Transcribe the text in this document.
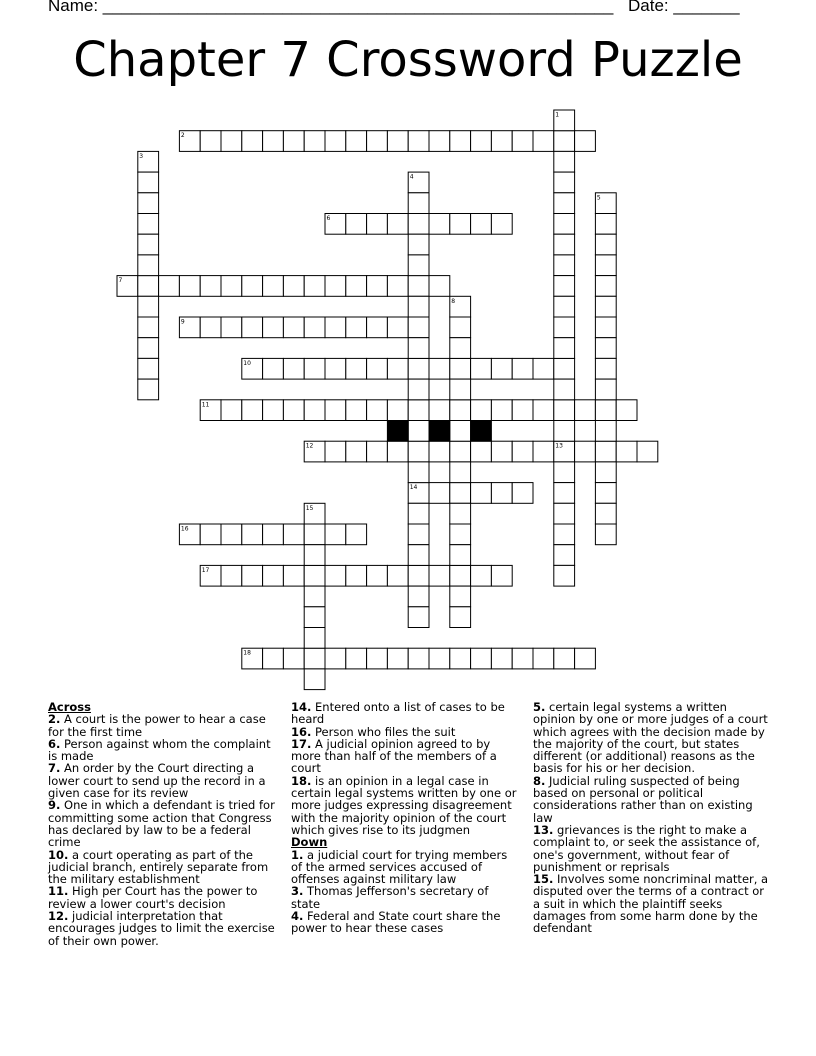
Name: ______________________________________________________ Date: _______
Chapter 7 Crossword Puzzle
1
2
3
4
5
6
7
8
9
10
11
12	13
14
15
16
17
18

Across

2. A court is the power to hear a case for the first time

6. Person against whom the complaint is made

7. An order by the Court directing a lower court to send up the record in a given case for its review

9. One in which a defendant is tried for committing some action that Congress has declared by law to be a federal crime

10. a court operating as part of the judicial branch, entirely separate from the military establishment

11. High per Court has the power to review a lower court's decision

12. judicial interpretation that encourages judges to limit the exercise of their own power.

14. Entered onto a list of cases to be heard

16. Person who files the suit

17. A judicial opinion agreed to by more than half of the members of a court

18. is an opinion in a legal case in certain legal systems written by one or more judges expressing disagreement with the majority opinion of the court which gives rise to its judgmen

Down

1. a judicial court for trying members of the armed services accused of offenses against military law

3. Thomas Jefferson's secretary of state

4. Federal and State court share the power to hear these cases

5. certain legal systems a written opinion by one or more judges of a court which agrees with the decision made by the majority of the court, but states different (or additional) reasons as the basis for his or her decision.

8. Judicial ruling suspected of being based on personal or political considerations rather than on existing law

13. grievances is the right to make a complaint to, or seek the assistance of, one's government, without fear of punishment or reprisals

15. Involves some noncriminal matter, a disputed over the terms of a contract or a suit in which the plaintiff seeks damages from some harm done by the defendant
